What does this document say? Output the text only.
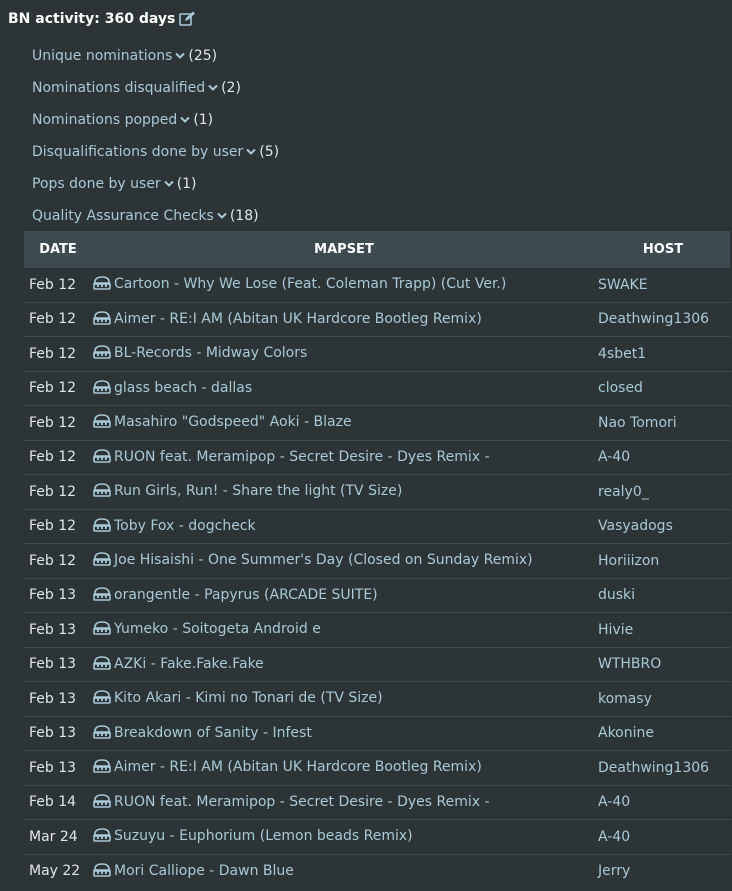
BN activity: 360 days
Unique nominations (25)
Nominations disqualified (2)
Nominations popped (1)
Disqualifications done by user (5)
Pops done by user (1)
Quality Assurance Checks (18)
DATE	MAPSET	HOST
Feb 12	Cartoon - Why We Lose (Feat. Coleman Trapp) (Cut Ver.)	SWAKE
Feb 12	Aimer - RE:I AM (Abitan UK Hardcore Bootleg Remix)	Deathwing1306
Feb 12	BL-Records - Midway Colors	4sbet1
Feb 12	glass beach - dallas	closed
Feb 12	Masahiro "Godspeed" Aoki - Blaze	Nao Tomori
Feb 12	RUON feat. Meramipop - Secret Desire - Dyes Remix -	A-40
Feb 12	Run Girls, Run! - Share the light (TV Size)	realy0_
Feb 12	Toby Fox - dogcheck	Vasyadogs
Feb 12	Joe Hisaishi - One Summer's Day (Closed on Sunday Remix)	Horiiizon
Feb 13	orangentle - Papyrus (ARCADE SUITE)	duski
Feb 13	Yumeko - Soitogeta Android e	Hivie
Feb 13	AZKi - Fake.Fake.Fake	WTHBRO
Feb 13	Kito Akari - Kimi no Tonari de (TV Size)	komasy
Feb 13	Breakdown of Sanity - Infest	Akonine
Feb 13	Aimer - RE:I AM (Abitan UK Hardcore Bootleg Remix)	Deathwing1306
Feb 14	RUON feat. Meramipop - Secret Desire - Dyes Remix -	A-40
Mar 24	Suzuyu - Euphorium (Lemon beads Remix)	A-40
May 22	Mori Calliope - Dawn Blue	Jerry
